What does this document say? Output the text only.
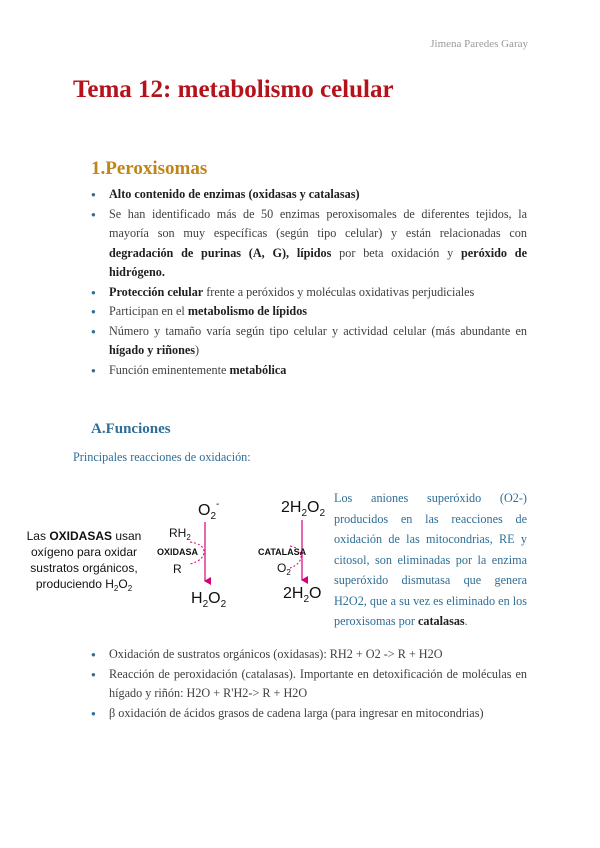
Jimena Paredes Garay
Tema 12: metabolismo celular
1.Peroxisomas
● Alto contenido de enzimas (oxidasas y catalasas)
● Se han identificado más de 50 enzimas peroxisomales de diferentes tejidos, la mayoría son muy específicas (según tipo celular) y están relacionadas con degradación de purinas (A, G), lípidos por beta oxidación y peróxido de hidrógeno.
● Protección celular frente a peróxidos y moléculas oxidativas perjudiciales
● Participan en el metabolismo de lípidos
● Número y tamaño varía según tipo celular y actividad celular (más abundante en hígado y riñones)
● Función eminentemente metabólica
A.Funciones

Principales reacciones de oxidación:

Las OXIDASAS usan
oxígeno para oxidar
sustratos orgánicos,
produciendo $H_2O_2$
$O_2^-$
$RH_2$
OXIDASA
R
$H_2O_2$
$2H_2O_2$
CATALASA
$O_2$
$2H_2O$

Los aniones superóxido (O2-) producidos en las reacciones de oxidación de las mitocondrias, RE y citosol, son eliminadas por la enzima superóxido dismutasa que genera H2O2, que a su vez es eliminado en los peroxisomas por catalasas.

● Oxidación de sustratos orgánicos (oxidasas): RH2 + O2 -> R + H2O
● Reacción de peroxidación (catalasas). Importante en detoxificación de moléculas en hígado y riñón: H2O + R'H2-> R + H2O
● β oxidación de ácidos grasos de cadena larga (para ingresar en mitocondrias)
